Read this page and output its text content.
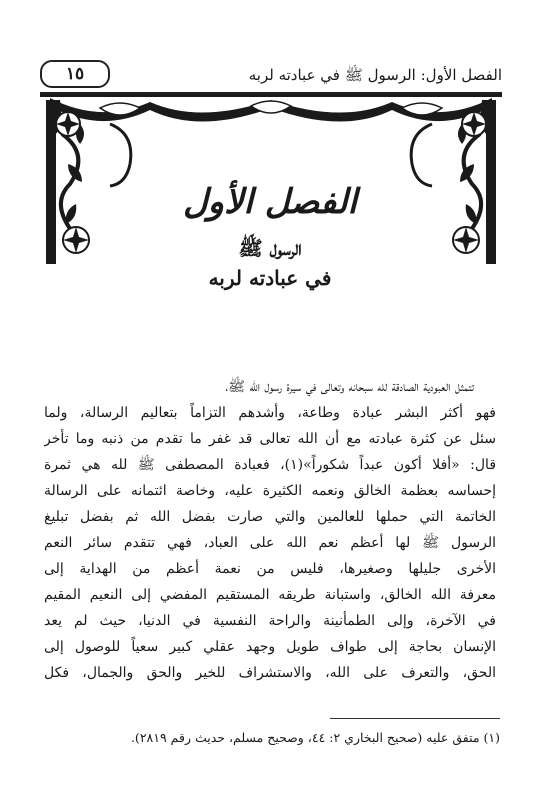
الفصل الأول: الرسول ﷺ في عبادته لربه
١٥
الفصل الأول
الرسول ﷺ
في عبادته لربه
تتمثل العبودية الصادقة لله سبحانه وتعالى في سيرة رسول الله ﷺ،
فهو أكثر البشر عبادة وطاعة، وأشدهم التزاماً بتعاليم الرسالة، ولما
سئل عن كثرة عبادته مع أن الله تعالى قد غفر ما تقدم من ذنبه وما تأخر
قال: «أفلا أكون عبداً شكوراً»(١)، فعبادة المصطفى ﷺ لله هي ثمرة
إحساسه بعظمة الخالق ونعمه الكثيرة عليه، وخاصة ائتمانه على الرسالة
الخاتمة التي حملها للعالمين والتي صارت بفضل الله ثم بفضل تبليغ
الرسول ﷺ لها أعظم نعم الله على العباد، فهي تتقدم سائر النعم
الأخرى جليلها وصغيرها، فليس من نعمة أعظم من الهداية إلى
معرفة الله الخالق، واستبانة طريقه المستقيم المفضي إلى النعيم المقيم
في الآخرة، وإلى الطمأنينة والراحة النفسية في الدنيا، حيث لم يعد
الإنسان بحاجة إلى طواف طويل وجهد عقلي كبير سعياً للوصول إلى
الحق، والتعرف على الله، والاستشراف للخير والحق والجمال، فكل
(١) متفق عليه (صحيح البخاري ٢: ٤٤، وصحيح مسلم، حديث رقم ٢٨١٩).
